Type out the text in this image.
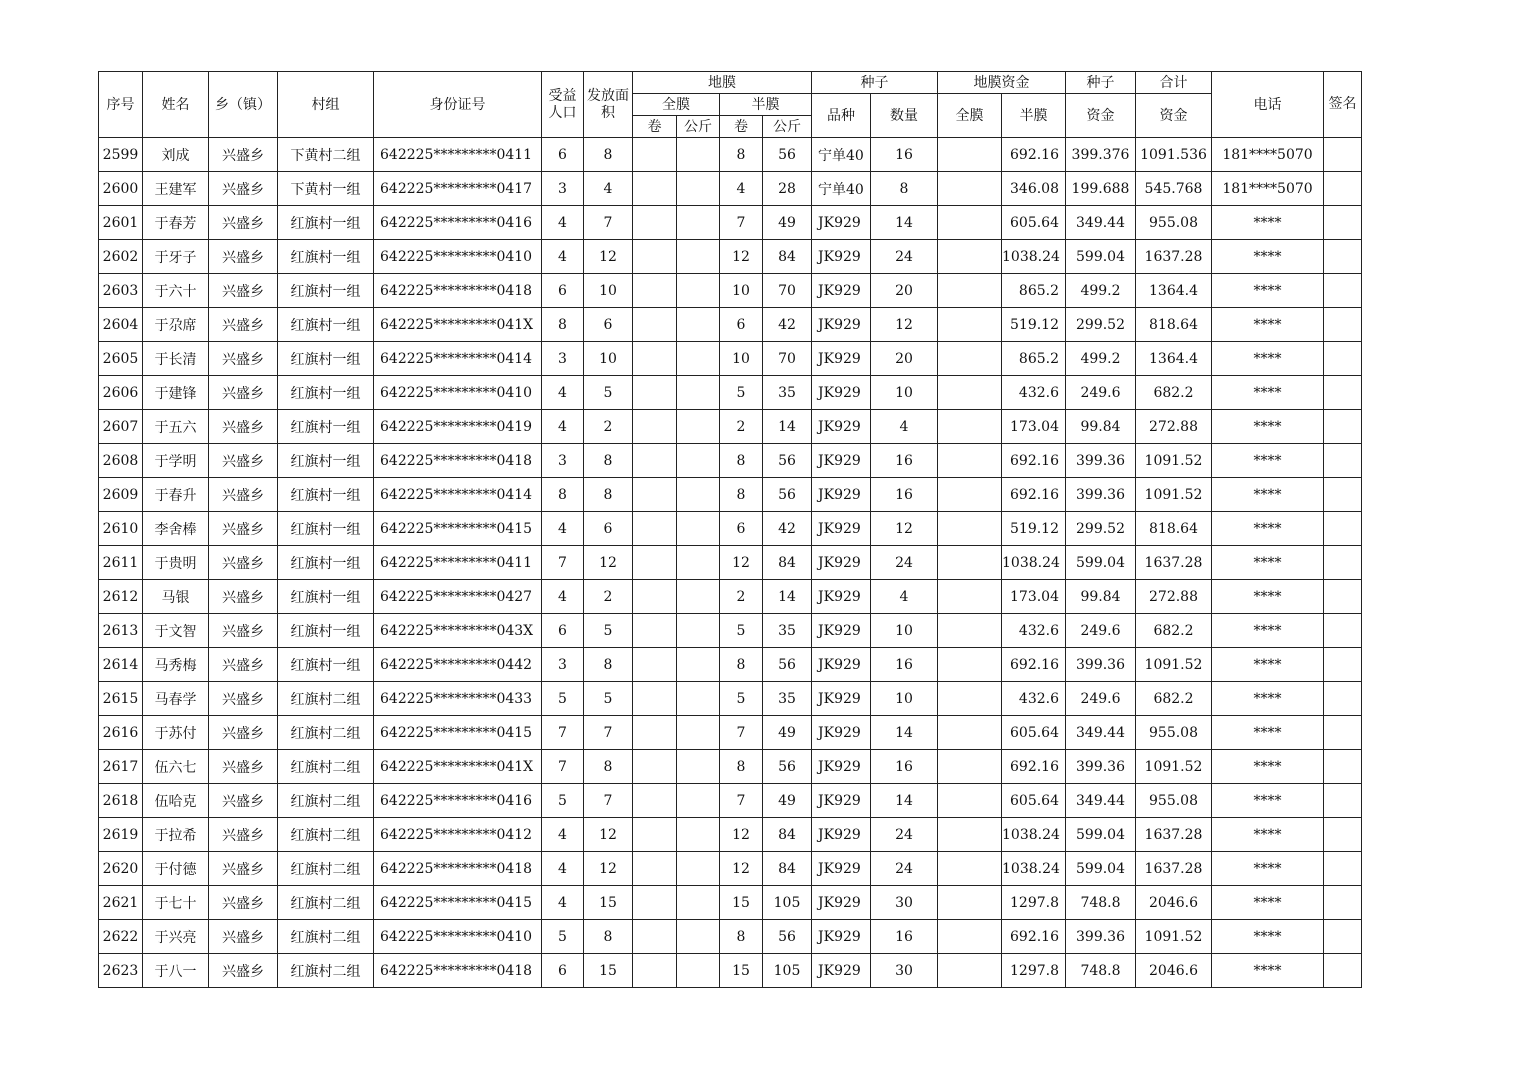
序号	姓名	乡（镇）	村组	身份证号	受益人口	发放面积	地膜				种子		地膜资金		种子	合计	电话	签名
							全膜		半膜		品种	数量	全膜	半膜	资金	资金		
							卷	公斤	卷	公斤								
2599	刘成	兴盛乡	下黄村二组	642225*********0411	6	8			8	56	宁单40	16		692.16	399.376	1091.536	181****5070	
2600	王建军	兴盛乡	下黄村一组	642225*********0417	3	4			4	28	宁单40	8		346.08	199.688	545.768	181****5070	
2601	于春芳	兴盛乡	红旗村一组	642225*********0416	4	7			7	49	JK929	14		605.64	349.44	955.08	****	
2602	于牙子	兴盛乡	红旗村一组	642225*********0410	4	12			12	84	JK929	24		1038.24	599.04	1637.28	****	
2603	于六十	兴盛乡	红旗村一组	642225*********0418	6	10			10	70	JK929	20		865.2	499.2	1364.4	****	
2604	于尕席	兴盛乡	红旗村一组	642225*********041X	8	6			6	42	JK929	12		519.12	299.52	818.64	****	
2605	于长清	兴盛乡	红旗村一组	642225*********0414	3	10			10	70	JK929	20		865.2	499.2	1364.4	****	
2606	于建锋	兴盛乡	红旗村一组	642225*********0410	4	5			5	35	JK929	10		432.6	249.6	682.2	****	
2607	于五六	兴盛乡	红旗村一组	642225*********0419	4	2			2	14	JK929	4		173.04	99.84	272.88	****	
2608	于学明	兴盛乡	红旗村一组	642225*********0418	3	8			8	56	JK929	16		692.16	399.36	1091.52	****	
2609	于春升	兴盛乡	红旗村一组	642225*********0414	8	8			8	56	JK929	16		692.16	399.36	1091.52	****	
2610	李舍棒	兴盛乡	红旗村一组	642225*********0415	4	6			6	42	JK929	12		519.12	299.52	818.64	****	
2611	于贵明	兴盛乡	红旗村一组	642225*********0411	7	12			12	84	JK929	24		1038.24	599.04	1637.28	****	
2612	马银	兴盛乡	红旗村一组	642225*********0427	4	2			2	14	JK929	4		173.04	99.84	272.88	****	
2613	于文智	兴盛乡	红旗村一组	642225*********043X	6	5			5	35	JK929	10		432.6	249.6	682.2	****	
2614	马秀梅	兴盛乡	红旗村一组	642225*********0442	3	8			8	56	JK929	16		692.16	399.36	1091.52	****	
2615	马春学	兴盛乡	红旗村二组	642225*********0433	5	5			5	35	JK929	10		432.6	249.6	682.2	****	
2616	于苏付	兴盛乡	红旗村二组	642225*********0415	7	7			7	49	JK929	14		605.64	349.44	955.08	****	
2617	伍六七	兴盛乡	红旗村二组	642225*********041X	7	8			8	56	JK929	16		692.16	399.36	1091.52	****	
2618	伍哈克	兴盛乡	红旗村二组	642225*********0416	5	7			7	49	JK929	14		605.64	349.44	955.08	****	
2619	于拉希	兴盛乡	红旗村二组	642225*********0412	4	12			12	84	JK929	24		1038.24	599.04	1637.28	****	
2620	于付德	兴盛乡	红旗村二组	642225*********0418	4	12			12	84	JK929	24		1038.24	599.04	1637.28	****	
2621	于七十	兴盛乡	红旗村二组	642225*********0415	4	15			15	105	JK929	30		1297.8	748.8	2046.6	****	
2622	于兴亮	兴盛乡	红旗村二组	642225*********0410	5	8			8	56	JK929	16		692.16	399.36	1091.52	****	
2623	于八一	兴盛乡	红旗村二组	642225*********0418	6	15			15	105	JK929	30		1297.8	748.8	2046.6	****	
